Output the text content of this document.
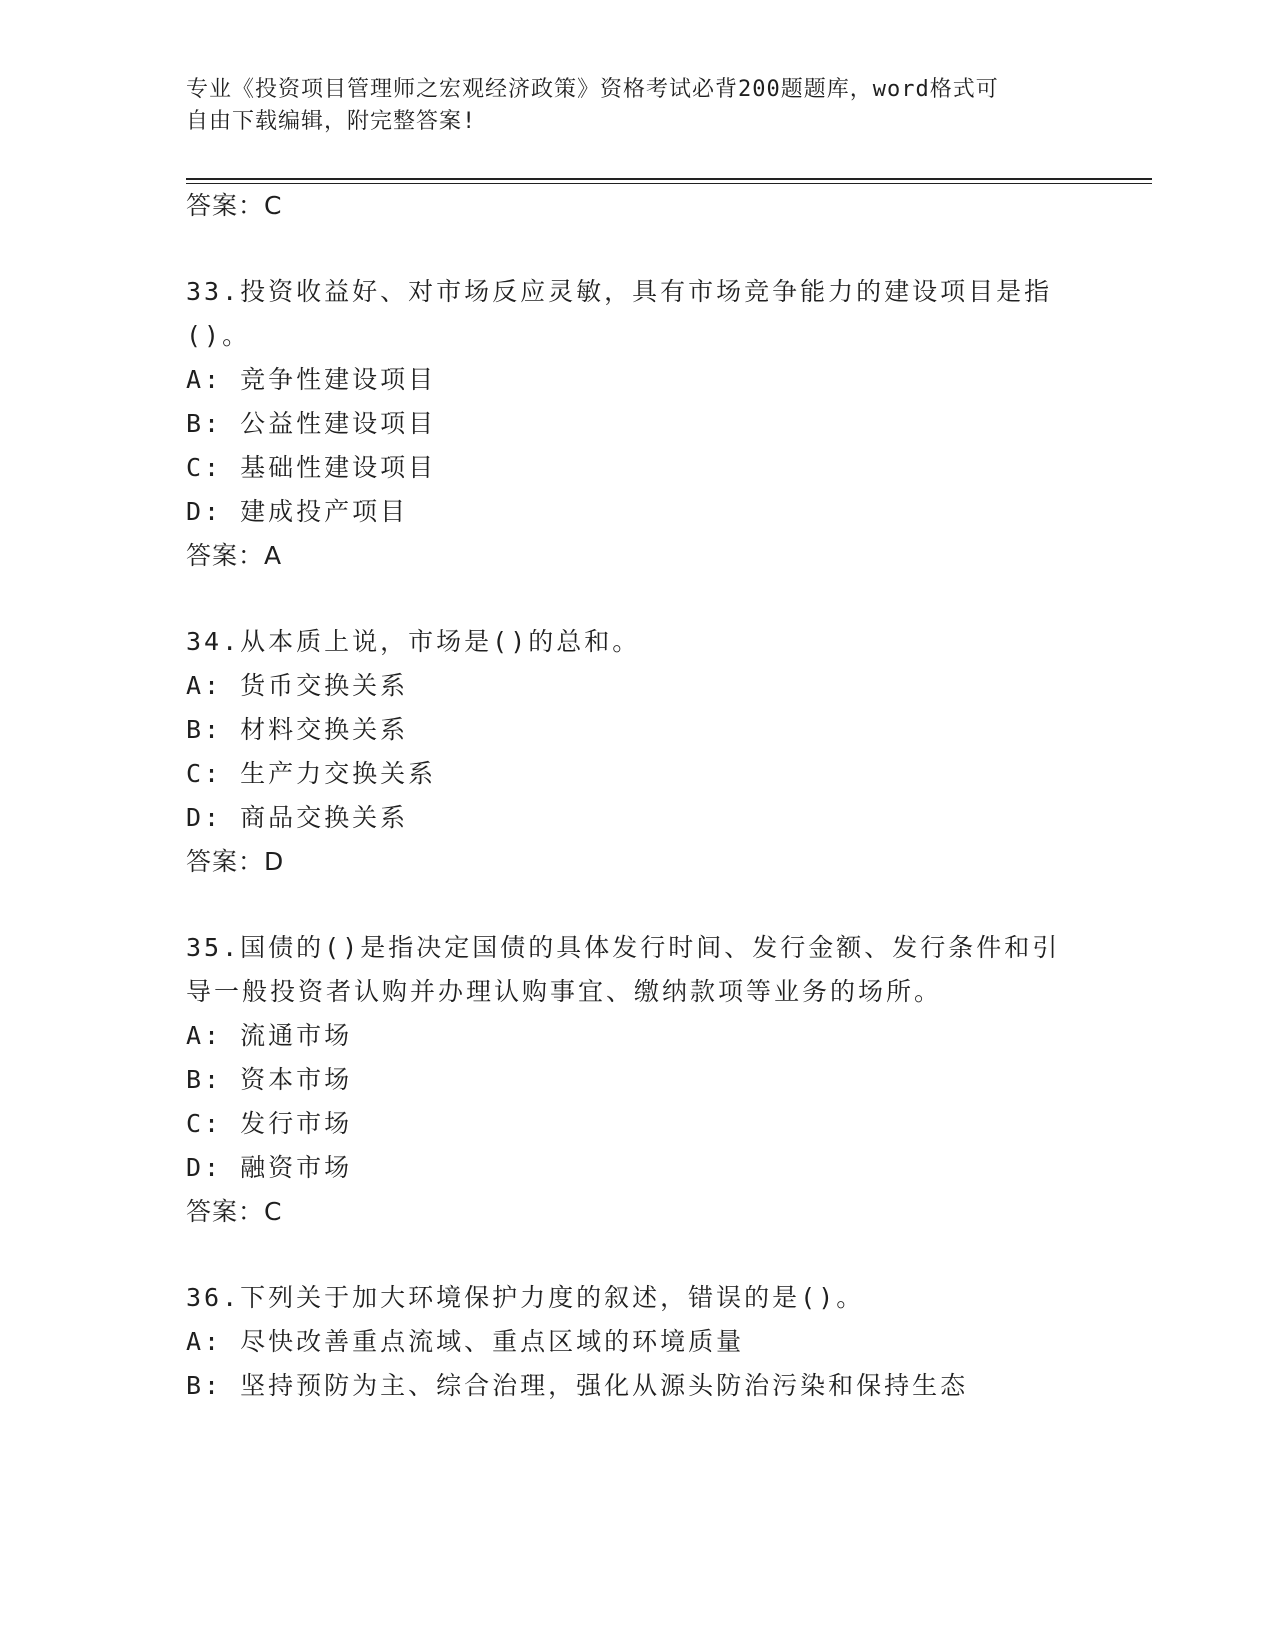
专业《投资项目管理师之宏观经济政策》资格考试必背200题题库，word格式可
自由下载编辑，附完整答案!
答案：C
33.投资收益好、对市场反应灵敏，具有市场竞争能力的建设项目是指
()。
A: 竞争性建设项目
B: 公益性建设项目
C: 基础性建设项目
D: 建成投产项目
答案：A
34.从本质上说，市场是()的总和。
A: 货币交换关系
B: 材料交换关系
C: 生产力交换关系
D: 商品交换关系
答案：D
35.国债的()是指决定国债的具体发行时间、发行金额、发行条件和引
导一般投资者认购并办理认购事宜、缴纳款项等业务的场所。
A: 流通市场
B: 资本市场
C: 发行市场
D: 融资市场
答案：C
36.下列关于加大环境保护力度的叙述，错误的是()。
A: 尽快改善重点流域、重点区域的环境质量
B: 坚持预防为主、综合治理，强化从源头防治污染和保持生态
